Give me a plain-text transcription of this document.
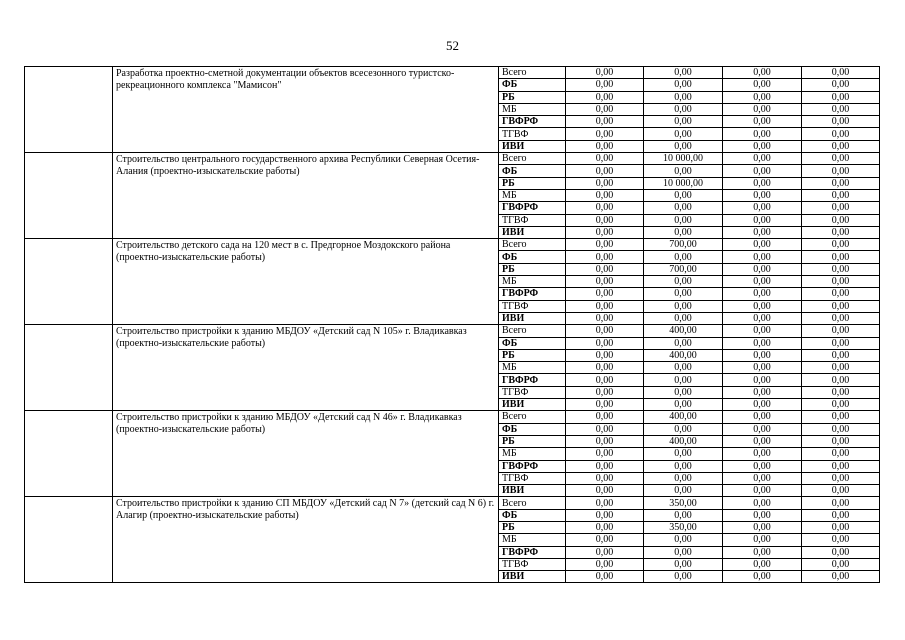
52
	Разработка проектно-сметной документации объектов всесезонного туристско-рекреационного комплекса "Мамисон"	Всего	0,00	0,00	0,00	0,00
		ФБ	0,00	0,00	0,00	0,00
		РБ	0,00	0,00	0,00	0,00
		МБ	0,00	0,00	0,00	0,00
		ГВФРФ	0,00	0,00	0,00	0,00
		ТГВФ	0,00	0,00	0,00	0,00
		ИВИ	0,00	0,00	0,00	0,00
	Строительство центрального государственного архива Республики Северная Осетия-Алания (проектно-изыскательские работы)	Всего	0,00	10 000,00	0,00	0,00
		ФБ	0,00	0,00	0,00	0,00
		РБ	0,00	10 000,00	0,00	0,00
		МБ	0,00	0,00	0,00	0,00
		ГВФРФ	0,00	0,00	0,00	0,00
		ТГВФ	0,00	0,00	0,00	0,00
		ИВИ	0,00	0,00	0,00	0,00
	Строительство детского сада на 120 мест в с. Предгорное Моздокского района (проектно-изыскательские работы)	Всего	0,00	700,00	0,00	0,00
		ФБ	0,00	0,00	0,00	0,00
		РБ	0,00	700,00	0,00	0,00
		МБ	0,00	0,00	0,00	0,00
		ГВФРФ	0,00	0,00	0,00	0,00
		ТГВФ	0,00	0,00	0,00	0,00
		ИВИ	0,00	0,00	0,00	0,00
	Строительство пристройки к зданию МБДОУ «Детский сад N 105» г. Владикавказ (проектно-изыскательские работы)	Всего	0,00	400,00	0,00	0,00
		ФБ	0,00	0,00	0,00	0,00
		РБ	0,00	400,00	0,00	0,00
		МБ	0,00	0,00	0,00	0,00
		ГВФРФ	0,00	0,00	0,00	0,00
		ТГВФ	0,00	0,00	0,00	0,00
		ИВИ	0,00	0,00	0,00	0,00
	Строительство пристройки к зданию МБДОУ «Детский сад N 46» г. Владикавказ (проектно-изыскательские работы)	Всего	0,00	400,00	0,00	0,00
		ФБ	0,00	0,00	0,00	0,00
		РБ	0,00	400,00	0,00	0,00
		МБ	0,00	0,00	0,00	0,00
		ГВФРФ	0,00	0,00	0,00	0,00
		ТГВФ	0,00	0,00	0,00	0,00
		ИВИ	0,00	0,00	0,00	0,00
	Строительство пристройки к зданию СП МБДОУ «Детский сад N 7» (детский сад N 6) г. Алагир (проектно-изыскательские работы)	Всего	0,00	350,00	0,00	0,00
		ФБ	0,00	0,00	0,00	0,00
		РБ	0,00	350,00	0,00	0,00
		МБ	0,00	0,00	0,00	0,00
		ГВФРФ	0,00	0,00	0,00	0,00
		ТГВФ	0,00	0,00	0,00	0,00
		ИВИ	0,00	0,00	0,00	0,00
